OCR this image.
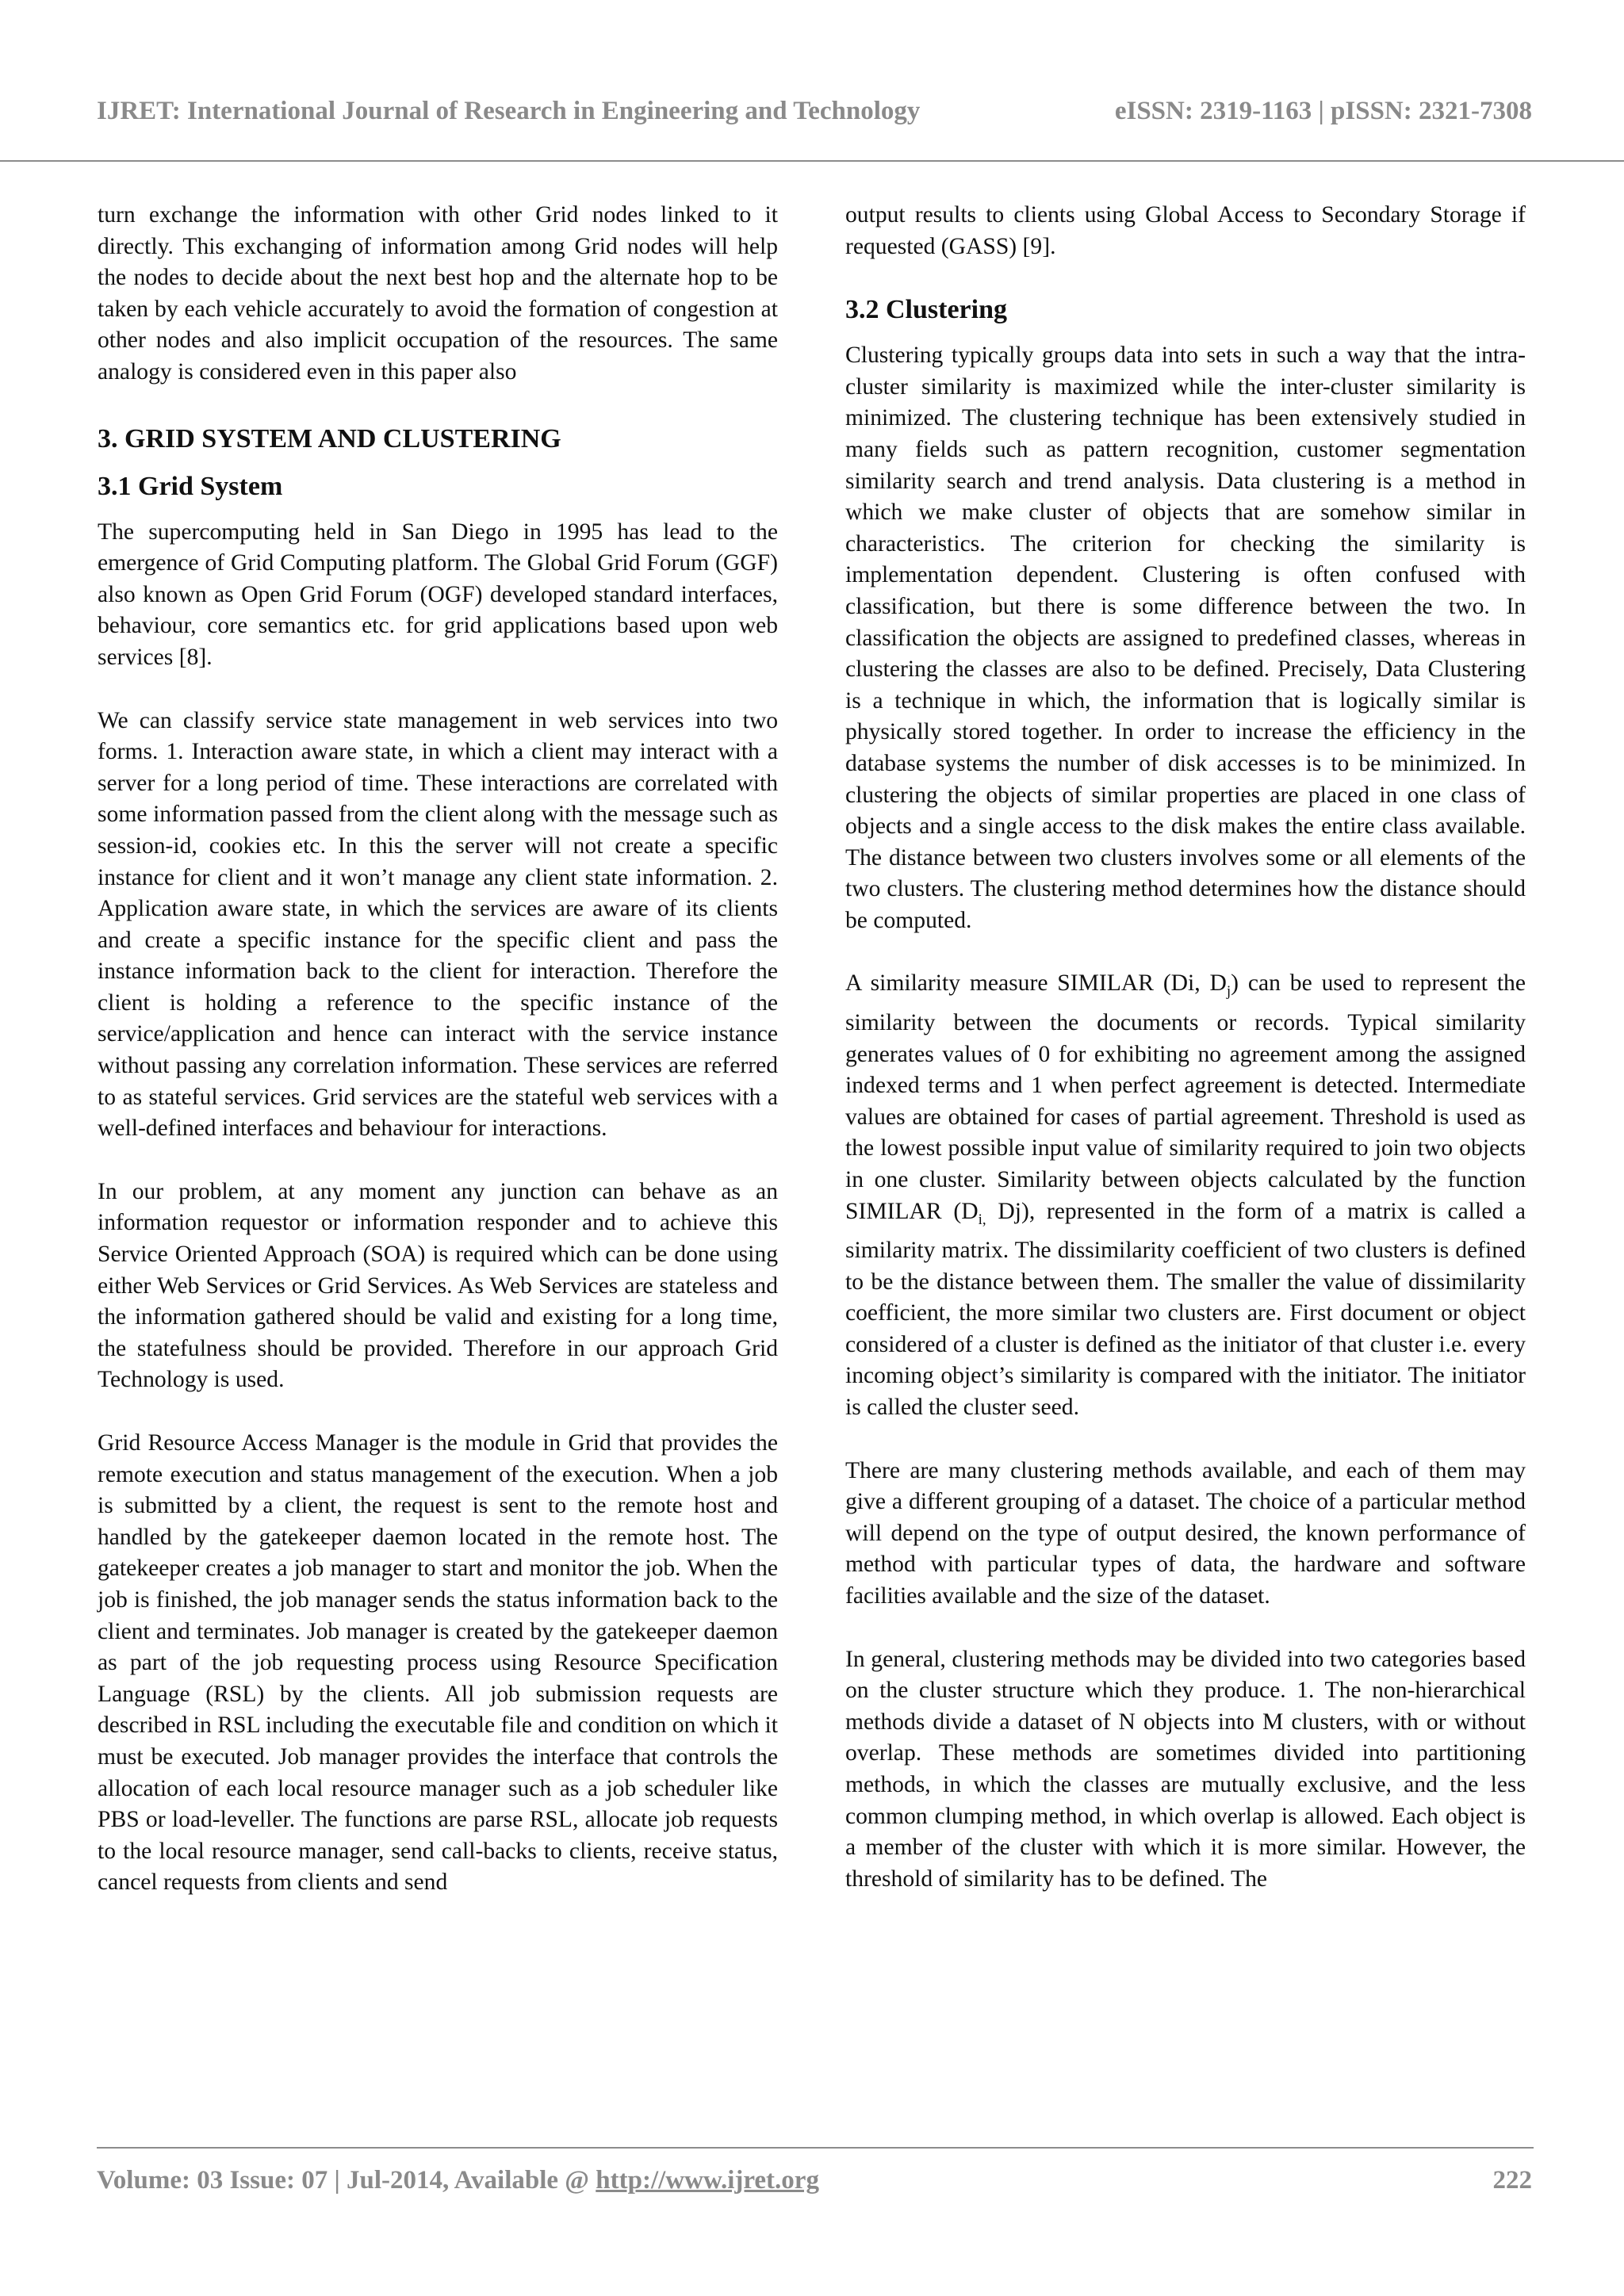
IJRET: International Journal of Research in Engineering and Technology	eISSN: 2319-1163 | pISSN: 2321-7308

turn exchange the information with other Grid nodes linked to it directly. This exchanging of information among Grid nodes will help the nodes to decide about the next best hop and the alternate hop to be taken by each vehicle accurately to avoid the formation of congestion at other nodes and also implicit occupation of the resources. The same analogy is considered even in this paper also

3. GRID SYSTEM AND CLUSTERING
3.1 Grid System

The supercomputing held in San Diego in 1995 has lead to the emergence of Grid Computing platform. The Global Grid Forum (GGF) also known as Open Grid Forum (OGF) developed standard interfaces, behaviour, core semantics etc. for grid applications based upon web services [8].

We can classify service state management in web services into two forms. 1. Interaction aware state, in which a client may interact with a server for a long period of time. These interactions are correlated with some information passed from the client along with the message such as session-id, cookies etc. In this the server will not create a specific instance for client and it won’t manage any client state information. 2. Application aware state, in which the services are aware of its clients and create a specific instance for the specific client and pass the instance information back to the client for interaction. Therefore the client is holding a reference to the specific instance of the service/application and hence can interact with the service instance without passing any correlation information. These services are referred to as stateful services. Grid services are the stateful web services with a well-defined interfaces and behaviour for interactions.

In our problem, at any moment any junction can behave as an information requestor or information responder and to achieve this Service Oriented Approach (SOA) is required which can be done using either Web Services or Grid Services. As Web Services are stateless and the information gathered should be valid and existing for a long time, the statefulness should be provided. Therefore in our approach Grid Technology is used.

Grid Resource Access Manager is the module in Grid that provides the remote execution and status management of the execution. When a job is submitted by a client, the request is sent to the remote host and handled by the gatekeeper daemon located in the remote host. The gatekeeper creates a job manager to start and monitor the job. When the job is finished, the job manager sends the status information back to the client and terminates. Job manager is created by the gatekeeper daemon as part of the job requesting process using Resource Specification Language (RSL) by the clients. All job submission requests are described in RSL including the executable file and condition on which it must be executed. Job manager provides the interface that controls the allocation of each local resource manager such as a job scheduler like PBS or load-leveller. The functions are parse RSL, allocate job requests to the local resource manager, send call-backs to clients, receive status, cancel requests from clients and send

output results to clients using Global Access to Secondary Storage if requested (GASS) [9].

3.2 Clustering

Clustering typically groups data into sets in such a way that the intra-cluster similarity is maximized while the inter-cluster similarity is minimized. The clustering technique has been extensively studied in many fields such as pattern recognition, customer segmentation similarity search and trend analysis. Data clustering is a method in which we make cluster of objects that are somehow similar in characteristics. The criterion for checking the similarity is implementation dependent. Clustering is often confused with classification, but there is some difference between the two. In classification the objects are assigned to predefined classes, whereas in clustering the classes are also to be defined. Precisely, Data Clustering is a technique in which, the information that is logically similar is physically stored together. In order to increase the efficiency in the database systems the number of disk accesses is to be minimized. In clustering the objects of similar properties are placed in one class of objects and a single access to the disk makes the entire class available. The distance between two clusters involves some or all elements of the two clusters. The clustering method determines how the distance should be computed.

A similarity measure SIMILAR (Di, $D_j$) can be used to represent the similarity between the documents or records. Typical similarity generates values of 0 for exhibiting no agreement among the assigned indexed terms and 1 when perfect agreement is detected. Intermediate values are obtained for cases of partial agreement. Threshold is used as the lowest possible input value of similarity required to join two objects in one cluster. Similarity between objects calculated by the function SIMILAR ($D_{i,}$ Dj), represented in the form of a matrix is called a similarity matrix. The dissimilarity coefficient of two clusters is defined to be the distance between them. The smaller the value of dissimilarity coefficient, the more similar two clusters are. First document or object considered of a cluster is defined as the initiator of that cluster i.e. every incoming object’s similarity is compared with the initiator. The initiator is called the cluster seed.

There are many clustering methods available, and each of them may give a different grouping of a dataset. The choice of a particular method will depend on the type of output desired, the known performance of method with particular types of data, the hardware and software facilities available and the size of the dataset.

In general, clustering methods may be divided into two categories based on the cluster structure which they produce. 1. The non-hierarchical methods divide a dataset of N objects into M clusters, with or without overlap. These methods are sometimes divided into partitioning methods, in which the classes are mutually exclusive, and the less common clumping method, in which overlap is allowed. Each object is a member of the cluster with which it is more similar. However, the threshold of similarity has to be defined. The

Volume: 03 Issue: 07 | Jul-2014, Available @ http://www.ijret.org	222
